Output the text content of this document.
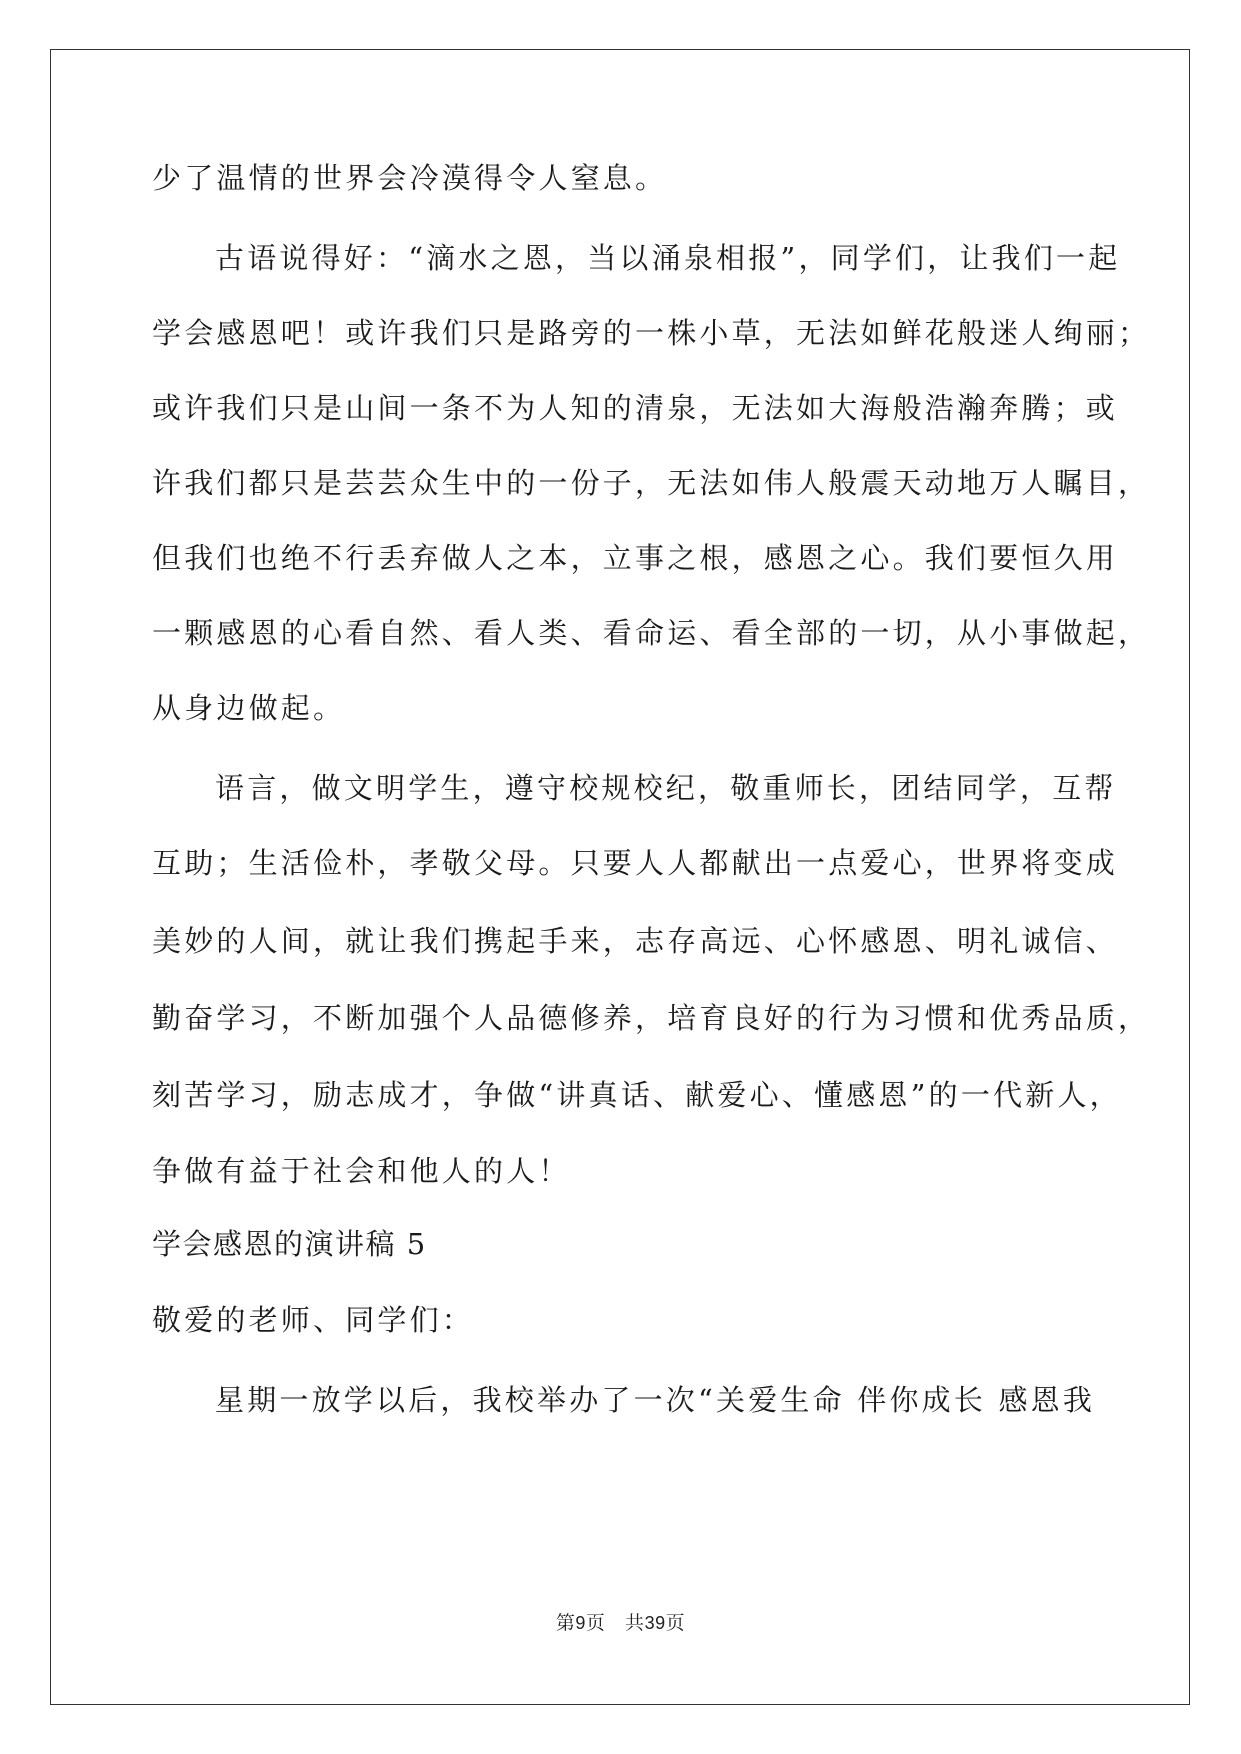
少了温情的世界会冷漠得令人窒息。
古语说得好：“滴水之恩，当以涌泉相报”，同学们，让我们一起
学会感恩吧！或许我们只是路旁的一株小草，无法如鲜花般迷人绚丽；
或许我们只是山间一条不为人知的清泉，无法如大海般浩瀚奔腾；或
许我们都只是芸芸众生中的一份子，无法如伟人般震天动地万人瞩目，
但我们也绝不行丢弃做人之本，立事之根，感恩之心。我们要恒久用
一颗感恩的心看自然、看人类、看命运、看全部的一切，从小事做起，
从身边做起。
语言，做文明学生，遵守校规校纪，敬重师长，团结同学，互帮
互助；生活俭朴，孝敬父母。只要人人都献出一点爱心，世界将变成
美妙的人间，就让我们携起手来，志存高远、心怀感恩、明礼诚信、
勤奋学习，不断加强个人品德修养，培育良好的行为习惯和优秀品质，
刻苦学习，励志成才，争做“讲真话、献爱心、懂感恩”的一代新人，
争做有益于社会和他人的人！
学会感恩的演讲稿 5
敬爱的老师、同学们：
星期一放学以后，我校举办了一次“关爱生命 伴你成长 感恩我
第9页 共39页
